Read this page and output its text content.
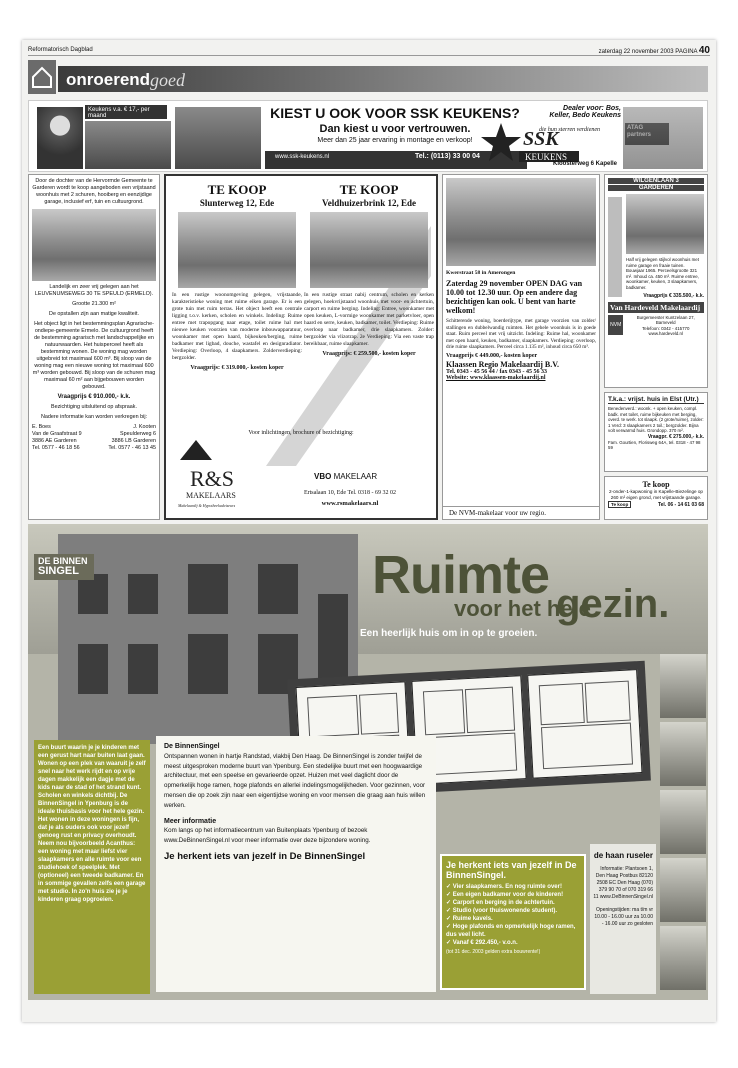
Reformatorisch Dagblad	zaterdag 22 november 2003 PAGINA 40
onroerend goed
Keukens v.a. € 17,- per maand	KIEST U OOK VOOR SSK KEUKENS?
Dan kiest u voor vertrouwen.
Meer dan 25 jaar ervaring in montage en verkoop!
www.ssk-keukens.nl	Tel.: (0113) 33 00 04
Dealer voor: Bos, Keller, Bedo Keukens
SSK
KEUKENS
die hun sterren verdienen
Kloosterweg 6 Kapelle

Door de dochter van de Hervormde Gemeente te Garderen wordt te koop aangeboden een vrijstaand woonhuis met 2 schuren, hooiberg en eenzijdige garage, inclusief erf, tuin en cultuurgrond.

Landelijk en zeer vrij gelegen aan het LEUVENUMSEWEG 30 TE SPEULD (ERMELO).

Grootte 21.300 m²

De opstallen zijn aan matige kwaliteit.

Het object ligt in het bestemmingsplan Agrarische-ondiepe-gemeente Ermelo. De cultuurgrond heeft de bestemming agrarisch met landschappelijke en natuurwaarden. Het huisperceel heeft als bestemming wonen. De woning mag worden uitgebreid tot maximaal 600 m³. Bij sloop van de woning mag een nieuwe woning tot maximaal 600 m³ worden gebouwd. Bij sloop van de schuren mag maximaal 60 m² aan bijgebouwen worden gebouwd.

Vraagprijs € 910.000,- k.k.

Bezichtiging uitsluitend op afspraak.

Nadere informatie kan worden verkregen bij:

E. Boes
Van de Graafstraat 9
3886 AE Garderen
Tel. 0577 - 46 18 56
J. Kooten
Speulderweg 6
3886 LB Garderen
Tel. 0577 - 46 13 45
TE KOOP
Slunterweg 12, Ede
In een rustige woonomgeving gelegen, vrijstaande, karakteristieke woning met ruime eiken garage. Er is een grote tuin met ruim terras. Het object heeft een centrale ligging t.o.v. kerken, scholen en winkels. Indeling: Ruime entree met trapopgang naar etage, toilet ruime hal met nieuwe keuken voorzien van moderne inbouwapparatuur, woonkamer met open haard, bijkeuken/berging, ruime badkamer met ligbad, douche, wastafel en designradiator. Verdieping: Overloop, 4 slaapkamers. Zolderverdieping: bergzolder.
Vraagprijs: € 319.000,- kosten koper
TE KOOP
Veldhuizerbrink 12, Ede
In een rustige straat nabij centrum, scholen en kerken gelegen, hoekvrijstaand woonhuis met voor- en achtertuin, carport en ruime berging. Indeling: Entree, woonkamer met open keuken, L-vormige woonkamer met parketvloer, open haard en serre, keuken, badkamer, toilet. Verdieping: Ruime overloop naar badkamer, drie slaapkamers. Zolder: bergzolder via vlizotrap. 2e Verdieping: Via een vaste trap bereikbaar, ruime slaapkamer.
Vraagprijs: € 259.500,- kosten koper
Voor inlichtingen, brochure of bezichtiging:
R&S
MAKELAARS
Makelaardij & Hypotheekadviseurs
VBO MAKELAAR
Ertsalaan 10, Ede Tel. 0318 - 69 32 02
www.rsmakelaars.nl
Kwerstraat 58 in Amerongen
Zaterdag 29 november OPEN DAG van 10.00 tot 12.30 uur. Op een andere dag bezichtigen kan ook. U bent van harte welkom!
Schitterende woning, boerderijtype, met garage voorzien van zolder/ stallingen en dubbelwandig ruimten. Het gehele woonhuis is in goede staat. Ruim perceel met vrij uitzicht. Indeling: Ruime hal, woonkamer met open haard, keuken, badkamer, slaapkamers. Verdieping: overloop, drie ruime slaapkamers. Perceel circa 1.135 m², inhoud circa 650 m³.
Vraagprijs € 449.000,- kosten koper
Klaassen Regio Makelaardij B.V.
Tel. 0343 - 45 56 44 / fax 0343 - 45 56 33
Website: www.klaassen-makelaardij.nl
De NVM-makelaar voor uw regio.
WILGENLAAN 3
GARDEREN
Half vrij gelegen stijlvol woonhuis met ruime garage en fraaie tuinen. Bouwjaar 1965. Perceelsgrootte 321 m². Inhoud ca. 450 m³. Ruime entree, woonkamer, keuken, 3 slaapkamers, badkamer.
Vraagprijs € 335.500,- k.k.
Van Hardeveld Makelaardij
NVM
Burgemeester Kuntzelaan 27, Barneveld
Telefoon: 0342 - 415770
www.hardeveld.nl
T.k.a.: vrijst. huis in Elst (Utr.)
Benedenverd.: woonk. + open keuken, compl. badk. met toilet, ruime bijkeuken met berging, overd. te werk. tot slaapk. (2 grote/ruime), zolder: 1 Verd: 3 slaapkamers 2 toil.; bergzolder. Bijna volt verwarmd huis. Grondopp. 370 m².
Vraagpr. € 275.000,- k.k.
Fam. Gourtien, Florisweg 64A, tel. 0318 - 47 98 59
Te koop
2-onder-1-kapwoning in Kapelle-Biezelinge op 260 m² eigen grond, met vrijstaande garage.
Te koop	Tel. 06 - 14 61 03 68
DE BINNEN
SINGEL	Ruimte
voor het hele
gezin.
Een heerlijk huis om in op te groeien.
Een buurt waarin je je kinderen met een gerust hart naar buiten laat gaan. Wonen op een plek van waaruit je zelf snel naar het werk rijdt en op vrije dagen makkelijk een dagje met de kids naar de stad of het strand kunt. Scholen en winkels dichtbij. De BinnenSingel in Ypenburg is de ideale thuisbasis voor het hele gezin. Het wonen in deze woningen is fijn, dat je als ouders ook voor jezelf genoeg rust en privacy overhoudt. Neem nou bijvoorbeeld Acanthus: een woning met maar liefst vier slaapkamers en alle ruimte voor een studiehoek of speelplek. Met (optioneel) een tweede badkamer. En in sommige gevallen zelfs een garage met studio. In zo'n huis zie je je kinderen graag opgroeien.
De BinnenSingel
Ontspannen wonen in hartje Randstad, vlakbij Den Haag. De BinnenSingel is zonder twijfel de meest uitgesproken moderne buurt van Ypenburg. Een stedelijke buurt met een hoogwaardige architectuur, met een speelse en gevarieerde opzet. Huizen met veel daglicht door de opmerkelijk hoge ramen, hoge plafonds en allerlei indelingsmogelijkheden. Voor gezinnen, voor mensen die op zoek zijn naar een eigentijdse woning en voor mensen die graag aan huis willen werken.
Meer informatie
Kom langs op het informatiecentrum van Buitenplaats Ypenburg of bezoek www.DeBinnenSingel.nl voor meer informatie over deze bijzondere woning.
Je herkent iets van jezelf in De BinnenSingel
Je herkent iets van jezelf in De BinnenSingel.
✓ Vier slaapkamers. En nog ruimte over!
✓ Een eigen badkamer voor de kinderen!
✓ Carport en berging in de achtertuin.
✓ Studio (voor thuiswonende student).
✓ Ruime kavels.
✓ Hoge plafonds en opmerkelijk hoge ramen, dus veel licht.
✓ Vanaf € 292.450,- v.o.n.
(tot 31 dec. 2003 gelden extra bouwrente!)
de haan ruseler
Informatie: Plantsoen 1, Den Haag Postbus 82120 2508 EC Den Haag (070) 379 90 70 of 070 319 66 11 www.DeBinnenSingel.nl
Openingstijden: ma t/m vr 10.00 - 16.00 uur za 10.00 - 16.00 uur zo gesloten
